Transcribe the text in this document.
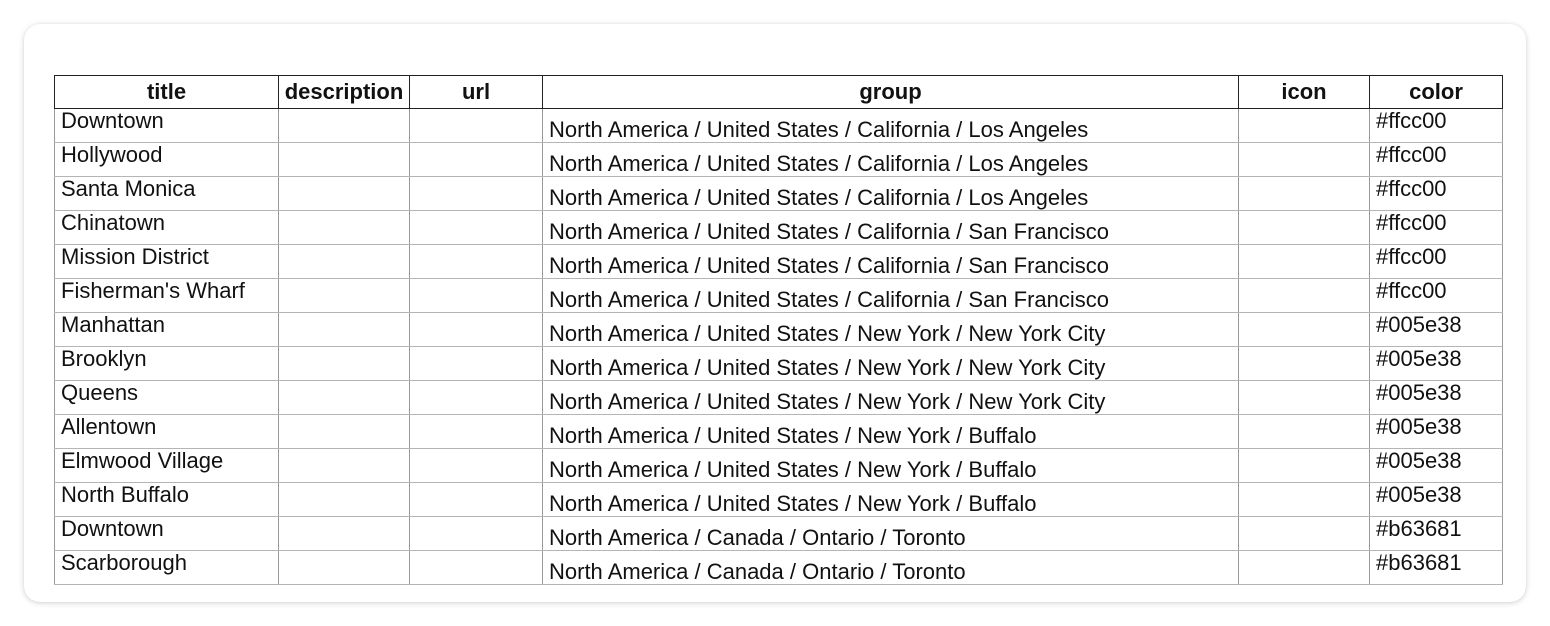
title	description	url	group	icon	color
Downtown			North America / United States / California / Los Angeles		#ffcc00
Hollywood			North America / United States / California / Los Angeles		#ffcc00
Santa Monica			North America / United States / California / Los Angeles		#ffcc00
Chinatown			North America / United States / California / San Francisco		#ffcc00
Mission District			North America / United States / California / San Francisco		#ffcc00
Fisherman's Wharf			North America / United States / California / San Francisco		#ffcc00
Manhattan			North America / United States / New York / New York City		#005e38
Brooklyn			North America / United States / New York / New York City		#005e38
Queens			North America / United States / New York / New York City		#005e38
Allentown			North America / United States / New York / Buffalo		#005e38
Elmwood Village			North America / United States / New York / Buffalo		#005e38
North Buffalo			North America / United States / New York / Buffalo		#005e38
Downtown			North America / Canada / Ontario / Toronto		#b63681
Scarborough			North America / Canada / Ontario / Toronto		#b63681
